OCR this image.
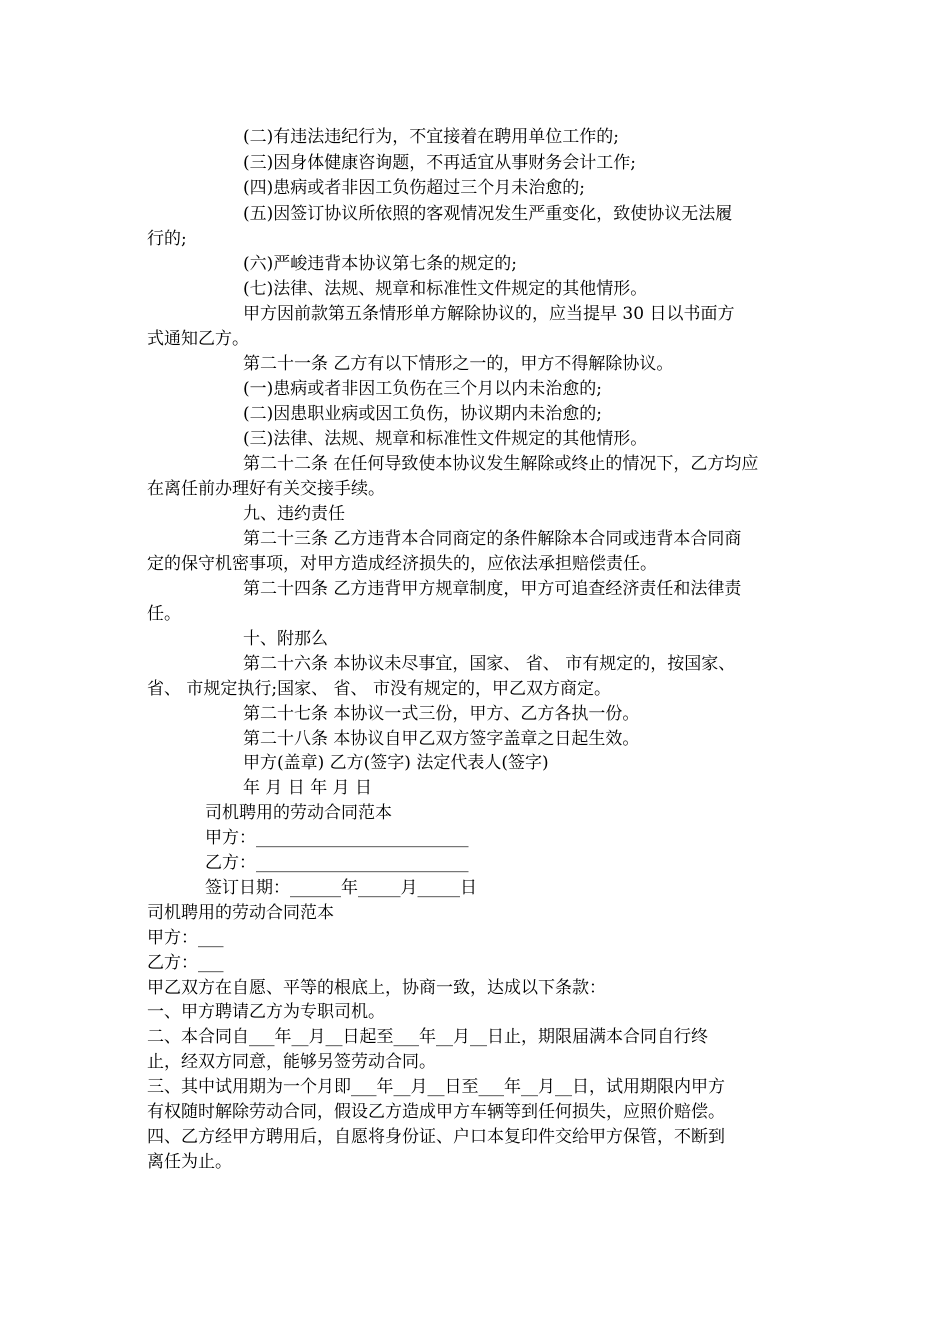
(二)有违法违纪行为，不宜接着在聘用单位工作的;
(三)因身体健康咨询题，不再适宜从事财务会计工作;
(四)患病或者非因工负伤超过三个月未治愈的;
(五)因签订协议所依照的客观情况发生严重变化，致使协议无法履
行的;
(六)严峻违背本协议第七条的规定的;
(七)法律、法规、规章和标准性文件规定的其他情形。
甲方因前款第五条情形单方解除协议的，应当提早 30 日以书面方
式通知乙方。
第二十一条 乙方有以下情形之一的，甲方不得解除协议。
(一)患病或者非因工负伤在三个月以内未治愈的;
(二)因患职业病或因工负伤，协议期内未治愈的;
(三)法律、法规、规章和标准性文件规定的其他情形。
第二十二条 在任何导致使本协议发生解除或终止的情况下，乙方均应
在离任前办理好有关交接手续。
九、违约责任
第二十三条 乙方违背本合同商定的条件解除本合同或违背本合同商
定的保守机密事项，对甲方造成经济损失的，应依法承担赔偿责任。
第二十四条 乙方违背甲方规章制度，甲方可追查经济责任和法律责
任。
十、附那么
第二十六条 本协议未尽事宜，国家、 省、 市有规定的，按国家、
省、 市规定执行;国家、 省、 市没有规定的，甲乙双方商定。
第二十七条 本协议一式三份，甲方、乙方各执一份。
第二十八条 本协议自甲乙双方签字盖章之日起生效。
甲方(盖章) 乙方(签字) 法定代表人(签字)
年 月 日 年 月 日
司机聘用的劳动合同范本
甲方：_________________________
乙方：_________________________
签订日期：______年_____月_____日
司机聘用的劳动合同范本
甲方：___
乙方：___
甲乙双方在自愿、平等的根底上，协商一致，达成以下条款：
一、甲方聘请乙方为专职司机。
二、本合同自___年__月__日起至___年__月__日止，期限届满本合同自行终
止，经双方同意，能够另签劳动合同。
三、其中试用期为一个月即___年__月__日至___年__月__日，试用期限内甲方
有权随时解除劳动合同，假设乙方造成甲方车辆等到任何损失，应照价赔偿。
四、乙方经甲方聘用后，自愿将身份证、户口本复印件交给甲方保管，不断到
离任为止。
